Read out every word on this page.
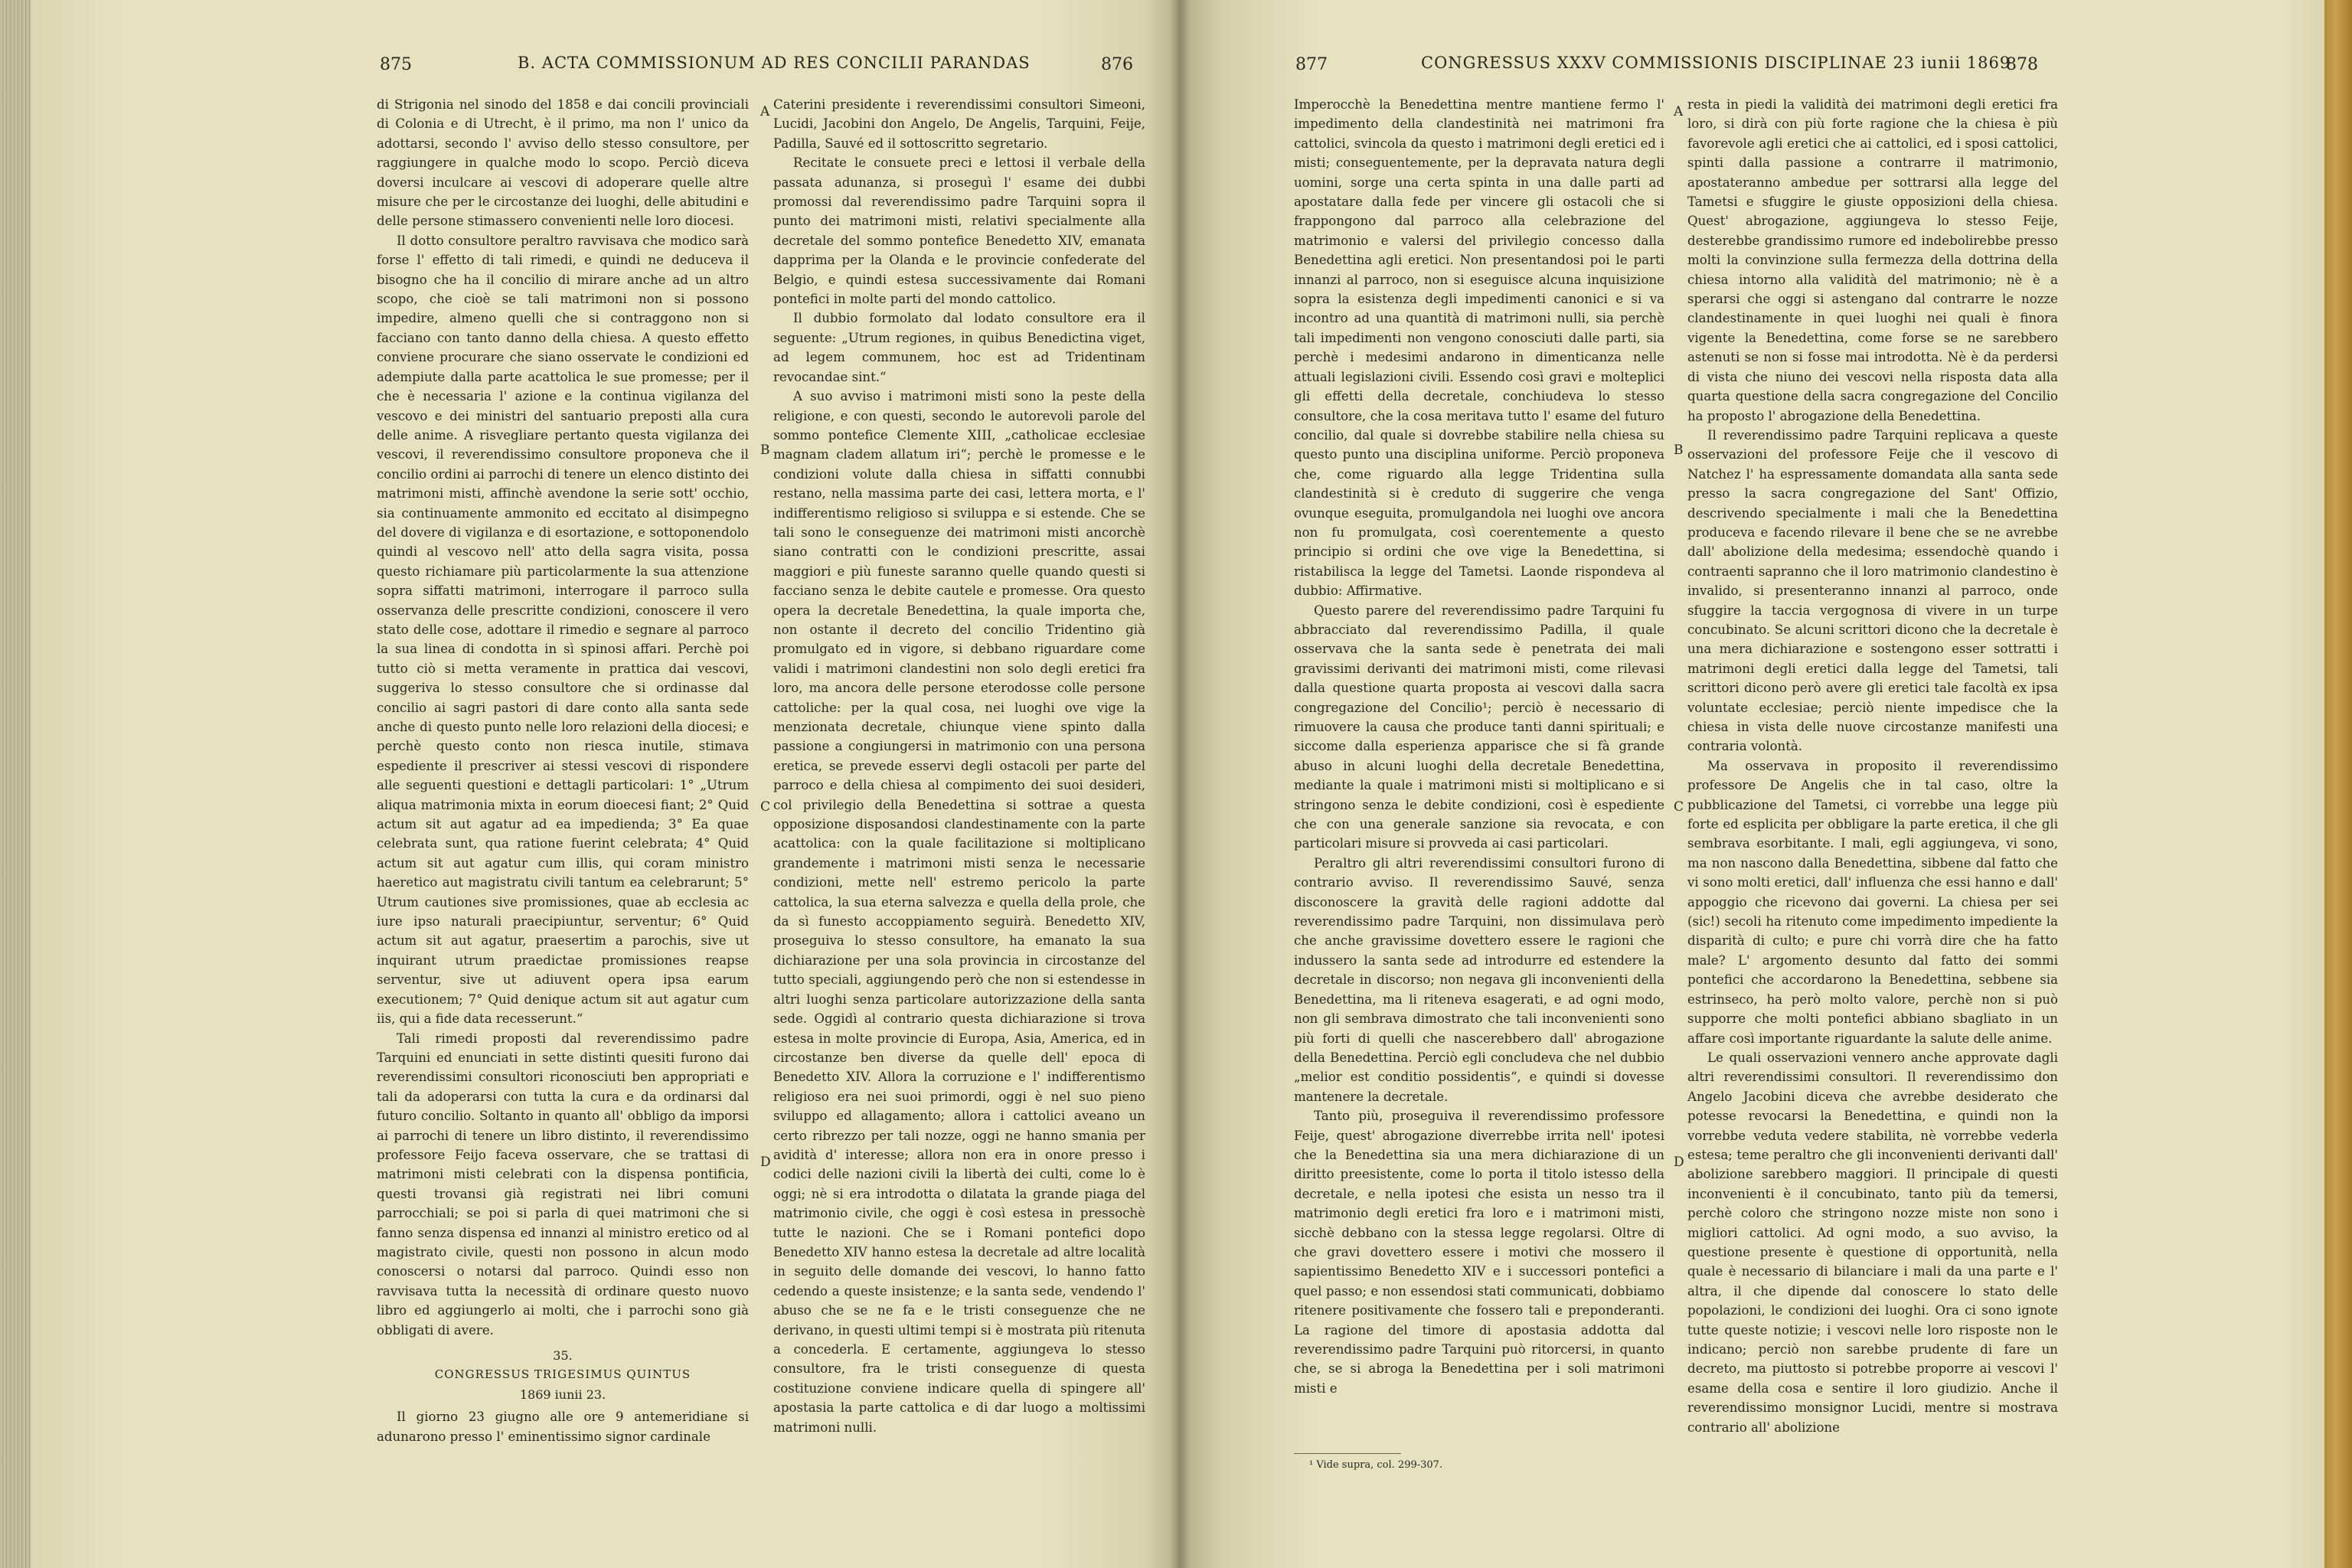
875	B. ACTA COMMISSIONUM AD RES CONCILII PARANDAS	876

di Strigonia nel sinodo del 1858 e dai concili provinciali di Colonia e di Utrecht, è il primo, ma non l' unico da adottarsi, secondo l' avviso dello stesso consultore, per raggiungere in qualche modo lo scopo. Perciò diceva doversi inculcare ai vescovi di adoperare quelle altre misure che per le circostanze dei luoghi, delle abitudini e delle persone stimassero convenienti nelle loro diocesi.

Il dotto consultore peraltro ravvisava che modico sarà forse l' effetto di tali rimedi, e quindi ne deduceva il bisogno che ha il concilio di mirare anche ad un altro scopo, che cioè se tali matrimoni non si possono impedire, almeno quelli che si contraggono non si facciano con tanto danno della chiesa. A questo effetto conviene procurare che siano osservate le condizioni ed adempiute dalla parte acattolica le sue promesse; per il che è necessaria l' azione e la continua vigilanza del vescovo e dei ministri del santuario preposti alla cura delle anime. A risvegliare pertanto questa vigilanza dei vescovi, il reverendissimo consultore proponeva che il concilio ordini ai parrochi di tenere un elenco distinto dei matrimoni misti, affinchè avendone la serie sott' occhio, sia continuamente ammonito ed eccitato al disimpegno del dovere di vigilanza e di esortazione, e sottoponendolo quindi al vescovo nell' atto della sagra visita, possa questo richiamare più particolarmente la sua attenzione sopra siffatti matrimoni, interrogare il parroco sulla osservanza delle prescritte condizioni, conoscere il vero stato delle cose, adottare il rimedio e segnare al parroco la sua linea di condotta in sì spinosi affari. Perchè poi tutto ciò si metta veramente in prattica dai vescovi, suggeriva lo stesso consultore che si ordinasse dal concilio ai sagri pastori di dare conto alla santa sede anche di questo punto nelle loro relazioni della diocesi; e perchè questo conto non riesca inutile, stimava espediente il prescriver ai stessi vescovi di rispondere alle seguenti questioni e dettagli particolari: 1° „Utrum aliqua matrimonia mixta in eorum dioecesi fiant; 2° Quid actum sit aut agatur ad ea impedienda; 3° Ea quae celebrata sunt, qua ratione fuerint celebrata; 4° Quid actum sit aut agatur cum illis, qui coram ministro haeretico aut magistratu civili tantum ea celebrarunt; 5° Utrum cautiones sive promissiones, quae ab ecclesia ac iure ipso naturali praecipiuntur, serventur; 6° Quid actum sit aut agatur, praesertim a parochis, sive ut inquirant utrum praedictae promissiones reapse serventur, sive ut adiuvent opera ipsa earum executionem; 7° Quid denique actum sit aut agatur cum iis, qui a fide data recesserunt.“

Tali rimedi proposti dal reverendissimo padre Tarquini ed enunciati in sette distinti quesiti furono dai reverendissimi consultori riconosciuti ben appropriati e tali da adoperarsi con tutta la cura e da ordinarsi dal futuro concilio. Soltanto in quanto all' obbligo da imporsi ai parrochi di tenere un libro distinto, il reverendissimo professore Feijo faceva osservare, che se trattasi di matrimoni misti celebrati con la dispensa pontificia, questi trovansi già registrati nei libri comuni parrocchiali; se poi si parla di quei matrimoni che si fanno senza dispensa ed innanzi al ministro eretico od al magistrato civile, questi non possono in alcun modo conoscersi o notarsi dal parroco. Quindi esso non ravvisava tutta la necessità di ordinare questo nuovo libro ed aggiungerlo ai molti, che i parrochi sono già obbligati di avere.

35.
CONGRESSUS TRIGESIMUS QUINTUS
1869 iunii 23.

Il giorno 23 giugno alle ore 9 antemeridiane si adunarono presso l' eminentissimo signor cardinale

A
B
C
D

Caterini presidente i reverendissimi consultori Simeoni, Lucidi, Jacobini don Angelo, De Angelis, Tarquini, Feije, Padilla, Sauvé ed il sottoscritto segretario.

Recitate le consuete preci e lettosi il verbale della passata adunanza, si proseguì l' esame dei dubbi promossi dal reverendissimo padre Tarquini sopra il punto dei matrimoni misti, relativi specialmente alla decretale del sommo pontefice Benedetto XIV, emanata dapprima per la Olanda e le provincie confederate del Belgio, e quindi estesa successivamente dai Romani pontefici in molte parti del mondo cattolico.

Il dubbio formolato dal lodato consultore era il seguente: „Utrum regiones, in quibus Benedictina viget, ad legem communem, hoc est ad Tridentinam revocandae sint.“

A suo avviso i matrimoni misti sono la peste della religione, e con questi, secondo le autorevoli parole del sommo pontefice Clemente XIII, „catholicae ecclesiae magnam cladem allatum iri“; perchè le promesse e le condizioni volute dalla chiesa in siffatti connubbi restano, nella massima parte dei casi, lettera morta, e l' indifferentismo religioso si sviluppa e si estende. Che se tali sono le conseguenze dei matrimoni misti ancorchè siano contratti con le condizioni prescritte, assai maggiori e più funeste saranno quelle quando questi si facciano senza le debite cautele e promesse. Ora questo opera la decretale Benedettina, la quale importa che, non ostante il decreto del concilio Tridentino già promulgato ed in vigore, si debbano riguardare come validi i matrimoni clandestini non solo degli eretici fra loro, ma ancora delle persone eterodosse colle persone cattoliche: per la qual cosa, nei luoghi ove vige la menzionata decretale, chiunque viene spinto dalla passione a congiungersi in matrimonio con una persona eretica, se prevede esservi degli ostacoli per parte del parroco e della chiesa al compimento dei suoi desideri, col privilegio della Benedettina si sottrae a questa opposizione disposandosi clandestinamente con la parte acattolica: con la quale facilitazione si moltiplicano grandemente i matrimoni misti senza le necessarie condizioni, mette nell' estremo pericolo la parte cattolica, la sua eterna salvezza e quella della prole, che da sì funesto accoppiamento seguirà. Benedetto XIV, proseguiva lo stesso consultore, ha emanato la sua dichiarazione per una sola provincia in circostanze del tutto speciali, aggiungendo però che non si estendesse in altri luoghi senza particolare autorizzazione della santa sede. Oggidì al contrario questa dichiarazione si trova estesa in molte provincie di Europa, Asia, America, ed in circostanze ben diverse da quelle dell' epoca di Benedetto XIV. Allora la corruzione e l' indifferentismo religioso era nei suoi primordi, oggi è nel suo pieno sviluppo ed allagamento; allora i cattolici aveano un certo ribrezzo per tali nozze, oggi ne hanno smania per avidità d' interesse; allora non era in onore presso i codici delle nazioni civili la libertà dei culti, come lo è oggi; nè si era introdotta o dilatata la grande piaga del matrimonio civile, che oggi è così estesa in pressochè tutte le nazioni. Che se i Romani pontefici dopo Benedetto XIV hanno estesa la decretale ad altre località in seguito delle domande dei vescovi, lo hanno fatto cedendo a queste insistenze; e la santa sede, vendendo l' abuso che se ne fa e le tristi conseguenze che ne derivano, in questi ultimi tempi si è mostrata più ritenuta a concederla. E certamente, aggiungeva lo stesso consultore, fra le tristi conseguenze di questa costituzione conviene indicare quella di spingere all' apostasia la parte cattolica e di dar luogo a moltissimi matrimoni nulli.

877	CONGRESSUS XXXV COMMISSIONIS DISCIPLINAE 23 iunii 1869
878

Imperocchè la Benedettina mentre mantiene fermo l' impedimento della clandestinità nei matrimoni fra cattolici, svincola da questo i matrimoni degli eretici ed i misti; conseguentemente, per la depravata natura degli uomini, sorge una certa spinta in una dalle parti ad apostatare dalla fede per vincere gli ostacoli che si frappongono dal parroco alla celebrazione del matrimonio e valersi del privilegio concesso dalla Benedettina agli eretici. Non presentandosi poi le parti innanzi al parroco, non si eseguisce alcuna inquisizione sopra la esistenza degli impedimenti canonici e si va incontro ad una quantità di matrimoni nulli, sia perchè tali impedimenti non vengono conosciuti dalle parti, sia perchè i medesimi andarono in dimenticanza nelle attuali legislazioni civili. Essendo così gravi e molteplici gli effetti della decretale, conchiudeva lo stesso consultore, che la cosa meritava tutto l' esame del futuro concilio, dal quale si dovrebbe stabilire nella chiesa su questo punto una disciplina uniforme. Perciò proponeva che, come riguardo alla legge Tridentina sulla clandestinità si è creduto di suggerire che venga ovunque eseguita, promulgandola nei luoghi ove ancora non fu promulgata, così coerentemente a questo principio si ordini che ove vige la Benedettina, si ristabilisca la legge del Tametsi. Laonde rispondeva al dubbio: Affirmative.

Questo parere del reverendissimo padre Tarquini fu abbracciato dal reverendissimo Padilla, il quale osservava che la santa sede è penetrata dei mali gravissimi derivanti dei matrimoni misti, come rilevasi dalla questione quarta proposta ai vescovi dalla sacra congregazione del Concilio¹; perciò è necessario di rimuovere la causa che produce tanti danni spirituali; e siccome dalla esperienza apparisce che si fà grande abuso in alcuni luoghi della decretale Benedettina, mediante la quale i matrimoni misti si moltiplicano e si stringono senza le debite condizioni, così è espediente che con una generale sanzione sia revocata, e con particolari misure si provveda ai casi particolari.

Peraltro gli altri reverendissimi consultori furono di contrario avviso. Il reverendissimo Sauvé, senza disconoscere la gravità delle ragioni addotte dal reverendissimo padre Tarquini, non dissimulava però che anche gravissime dovettero essere le ragioni che indussero la santa sede ad introdurre ed estendere la decretale in discorso; non negava gli inconvenienti della Benedettina, ma li riteneva esagerati, e ad ogni modo, non gli sembrava dimostrato che tali inconvenienti sono più forti di quelli che nascerebbero dall' abrogazione della Benedettina. Perciò egli concludeva che nel dubbio „melior est conditio possidentis“, e quindi si dovesse mantenere la decretale.

Tanto più, proseguiva il reverendissimo professore Feije, quest' abrogazione diverrebbe irrita nell' ipotesi che la Benedettina sia una mera dichiarazione di un diritto preesistente, come lo porta il titolo istesso della decretale, e nella ipotesi che esista un nesso tra il matrimonio degli eretici fra loro e i matrimoni misti, sicchè debbano con la stessa legge regolarsi. Oltre di che gravi dovettero essere i motivi che mossero il sapientissimo Benedetto XIV e i successori pontefici a quel passo; e non essendosi stati communicati, dobbiamo ritenere positivamente che fossero tali e preponderanti. La ragione del timore di apostasia addotta dal reverendissimo padre Tarquini può ritorcersi, in quanto che, se si abroga la Benedettina per i soli matrimoni misti e

¹ Vide supra, col. 299-307.
A
B
C
D

resta in piedi la validità dei matrimoni degli eretici fra loro, si dirà con più forte ragione che la chiesa è più favorevole agli eretici che ai cattolici, ed i sposi cattolici, spinti dalla passione a contrarre il matrimonio, apostateranno ambedue per sottrarsi alla legge del Tametsi e sfuggire le giuste opposizioni della chiesa. Quest' abrogazione, aggiungeva lo stesso Feije, desterebbe grandissimo rumore ed indebolirebbe presso molti la convinzione sulla fermezza della dottrina della chiesa intorno alla validità del matrimonio; nè è a sperarsi che oggi si astengano dal contrarre le nozze clandestinamente in quei luoghi nei quali è finora vigente la Benedettina, come forse se ne sarebbero astenuti se non si fosse mai introdotta. Nè è da perdersi di vista che niuno dei vescovi nella risposta data alla quarta questione della sacra congregazione del Concilio ha proposto l' abrogazione della Benedettina.

Il reverendissimo padre Tarquini replicava a queste osservazioni del professore Feije che il vescovo di Natchez l' ha espressamente domandata alla santa sede presso la sacra congregazione del Sant' Offizio, descrivendo specialmente i mali che la Benedettina produceva e facendo rilevare il bene che se ne avrebbe dall' abolizione della medesima; essendochè quando i contraenti sapranno che il loro matrimonio clandestino è invalido, si presenteranno innanzi al parroco, onde sfuggire la taccia vergognosa di vivere in un turpe concubinato. Se alcuni scrittori dicono che la decretale è una mera dichiarazione e sostengono esser sottratti i matrimoni degli eretici dalla legge del Tametsi, tali scrittori dicono però avere gli eretici tale facoltà ex ipsa voluntate ecclesiae; perciò niente impedisce che la chiesa in vista delle nuove circostanze manifesti una contraria volontà.

Ma osservava in proposito il reverendissimo professore De Angelis che in tal caso, oltre la pubblicazione del Tametsi, ci vorrebbe una legge più forte ed esplicita per obbligare la parte eretica, il che gli sembrava esorbitante. I mali, egli aggiungeva, vi sono, ma non nascono dalla Benedettina, sibbene dal fatto che vi sono molti eretici, dall' influenza che essi hanno e dall' appoggio che ricevono dai governi. La chiesa per sei (sic!) secoli ha ritenuto come impedimento impediente la disparità di culto; e pure chi vorrà dire che ha fatto male? L' argomento desunto dal fatto dei sommi pontefici che accordarono la Benedettina, sebbene sia estrinseco, ha però molto valore, perchè non si può supporre che molti pontefici abbiano sbagliato in un affare così importante riguardante la salute delle anime.

Le quali osservazioni vennero anche approvate dagli altri reverendissimi consultori. Il reverendissimo don Angelo Jacobini diceva che avrebbe desiderato che potesse revocarsi la Benedettina, e quindi non la vorrebbe veduta vedere stabilita, nè vorrebbe vederla estesa; teme peraltro che gli inconvenienti derivanti dall' abolizione sarebbero maggiori. Il principale di questi inconvenienti è il concubinato, tanto più da temersi, perchè coloro che stringono nozze miste non sono i migliori cattolici. Ad ogni modo, a suo avviso, la questione presente è questione di opportunità, nella quale è necessario di bilanciare i mali da una parte e l' altra, il che dipende dal conoscere lo stato delle popolazioni, le condizioni dei luoghi. Ora ci sono ignote tutte queste notizie; i vescovi nelle loro risposte non le indicano; perciò non sarebbe prudente di fare un decreto, ma piuttosto si potrebbe proporre ai vescovi l' esame della cosa e sentire il loro giudizio. Anche il reverendissimo monsignor Lucidi, mentre si mostrava contrario all' abolizione
